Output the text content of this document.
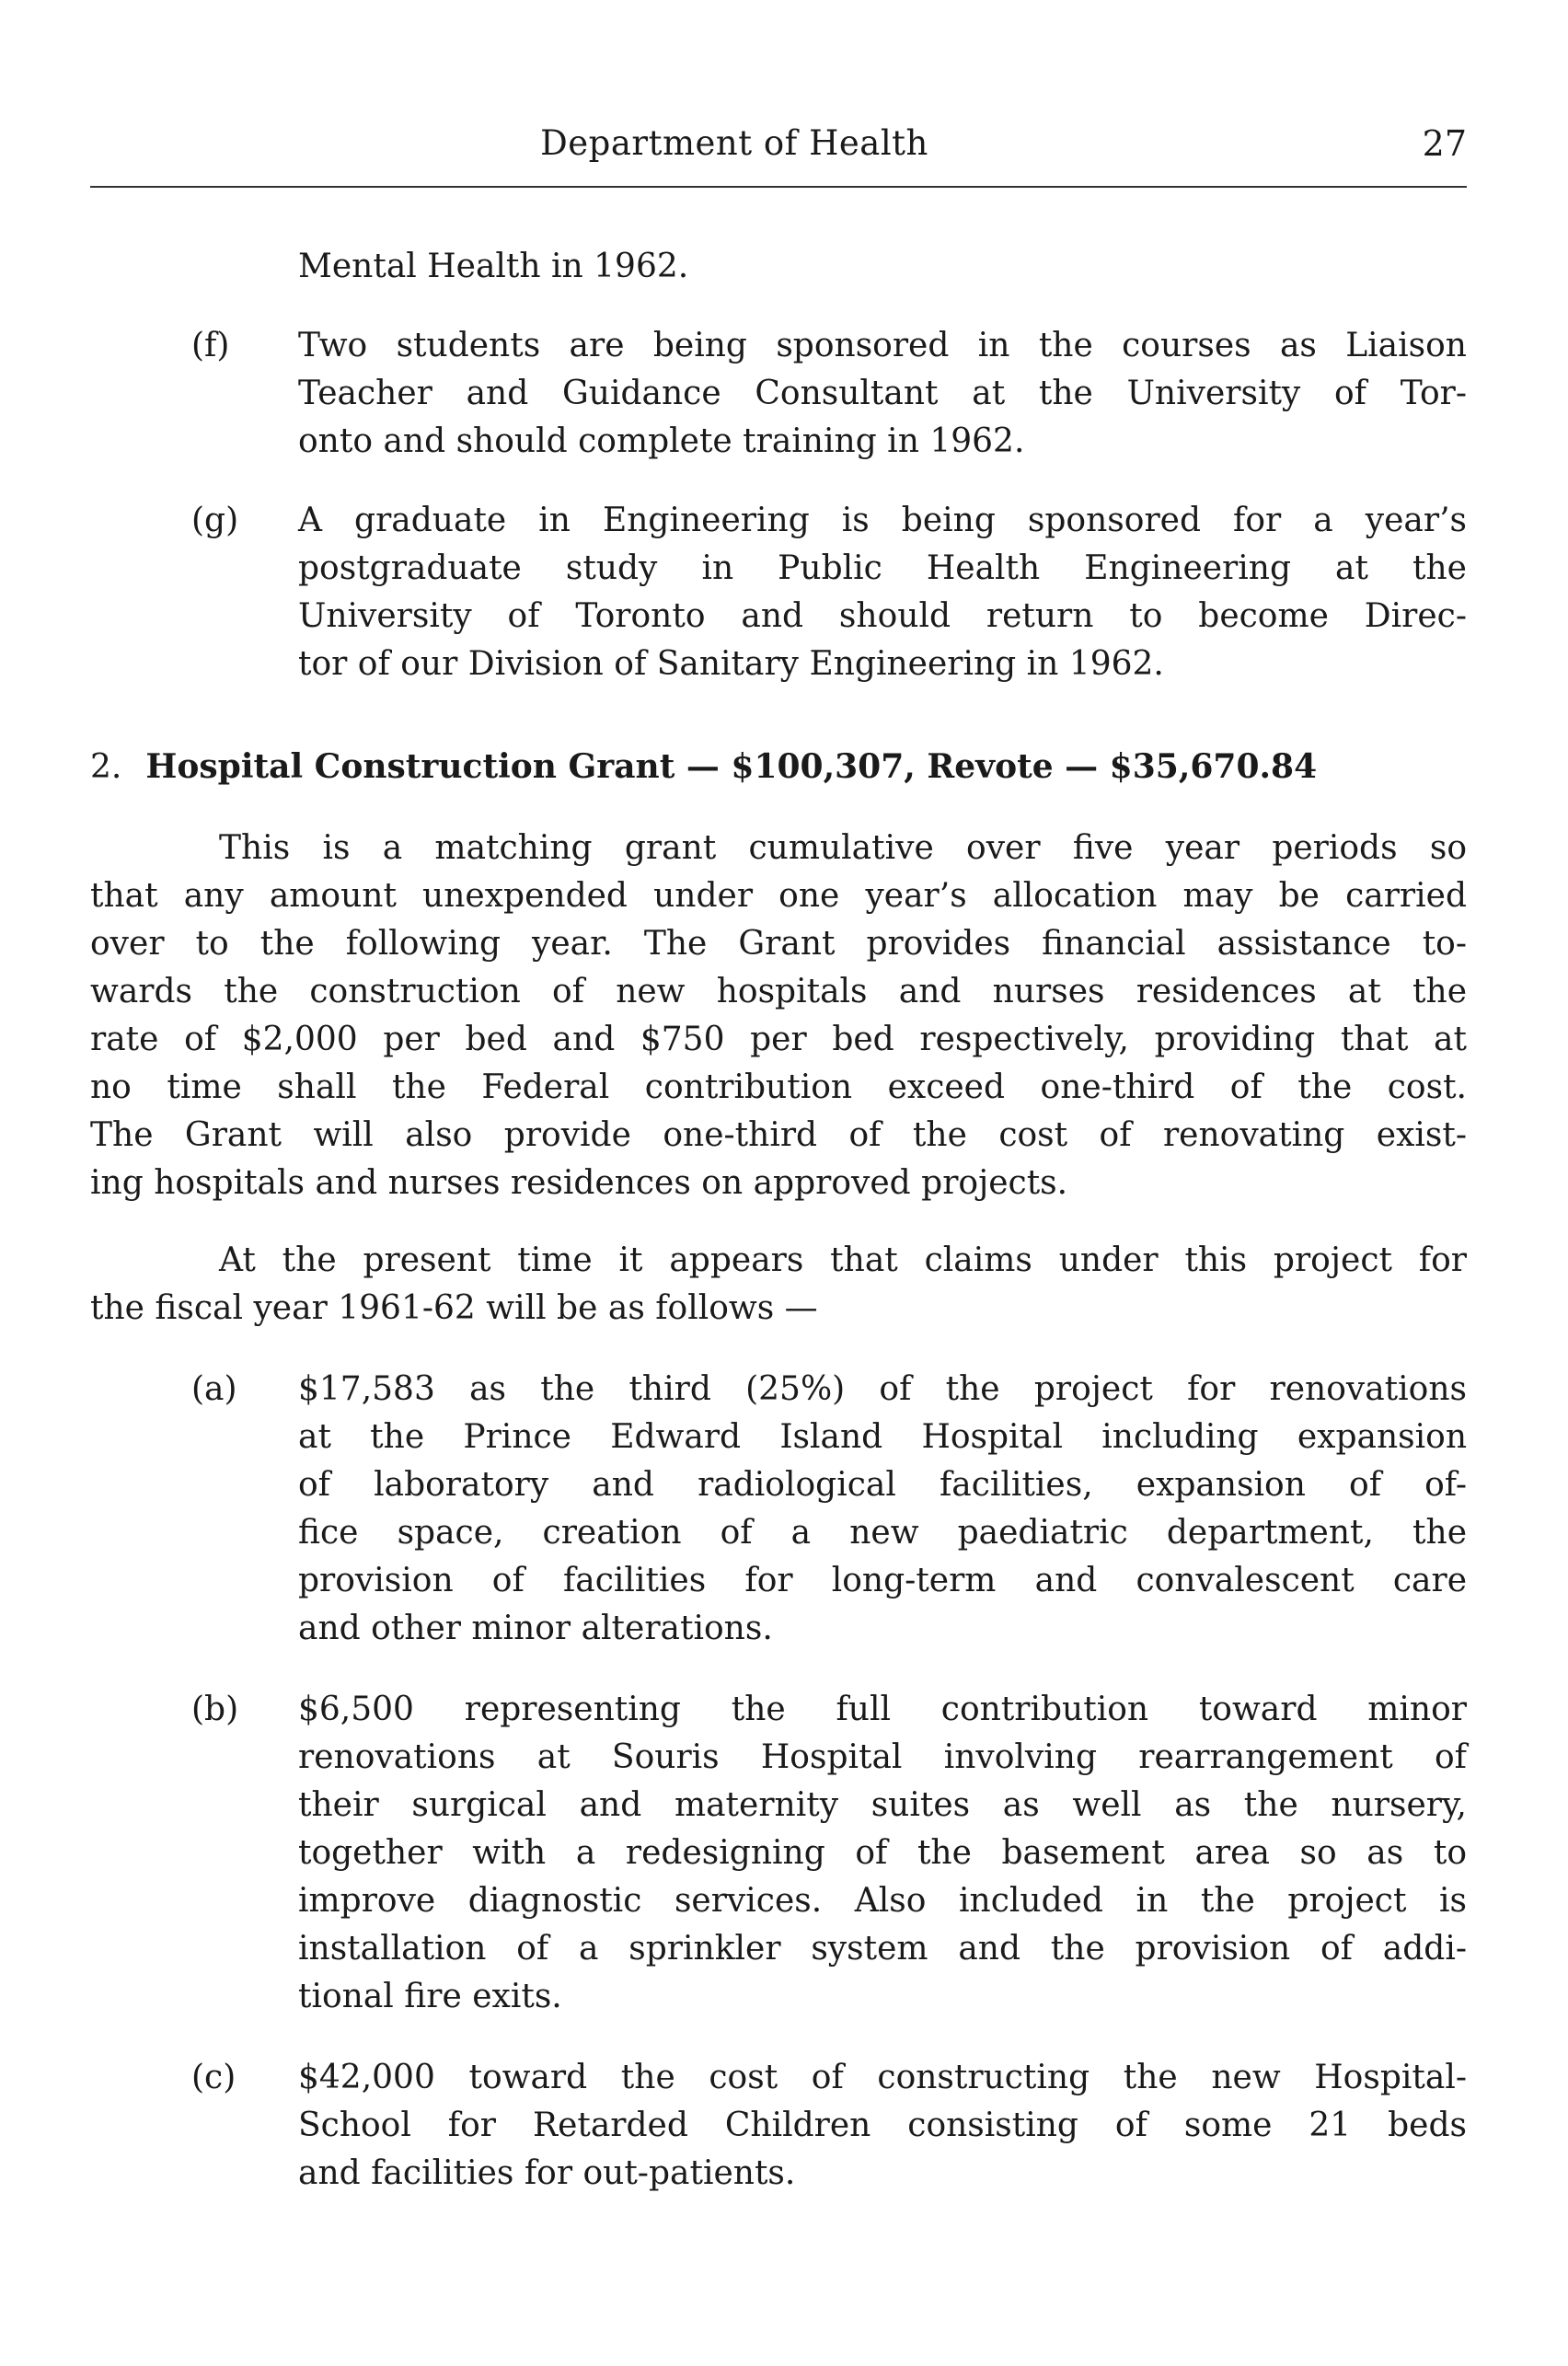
Department of Health	27
Mental Health in 1962.
(f) Two students are being sponsored in the courses as Liaison
Teacher and Guidance Consultant at the University of Tor-
onto and should complete training in 1962.
(g) A graduate in Engineering is being sponsored for a year’s
postgraduate study in Public Health Engineering at the
University of Toronto and should return to become Direc-
tor of our Division of Sanitary Engineering in 1962.
2. Hospital Construction Grant — $100,307, Revote — $35,670.84
This is a matching grant cumulative over five year periods so
that any amount unexpended under one year’s allocation may be carried
over to the following year. The Grant provides financial assistance to-
wards the construction of new hospitals and nurses residences at the
rate of $2,000 per bed and $750 per bed respectively, providing that at
no time shall the Federal contribution exceed one-third of the cost.
The Grant will also provide one-third of the cost of renovating exist-
ing hospitals and nurses residences on approved projects.
At the present time it appears that claims under this project for
the fiscal year 1961-62 will be as follows —
(a) $17,583 as the third (25%) of the project for renovations
at the Prince Edward Island Hospital including expansion
of laboratory and radiological facilities, expansion of of-
fice space, creation of a new paediatric department, the
provision of facilities for long-term and convalescent care
and other minor alterations.
(b) $6,500 representing the full contribution toward minor
renovations at Souris Hospital involving rearrangement of
their surgical and maternity suites as well as the nursery,
together with a redesigning of the basement area so as to
improve diagnostic services. Also included in the project is
installation of a sprinkler system and the provision of addi-
tional fire exits.
(c) $42,000 toward the cost of constructing the new Hospital-
School for Retarded Children consisting of some 21 beds
and facilities for out-patients.
